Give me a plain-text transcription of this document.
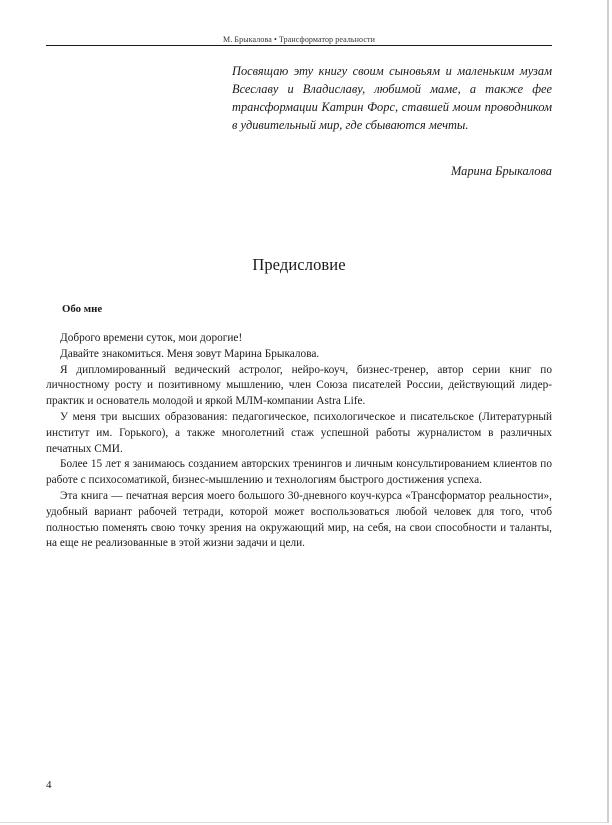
М. Брыкалова • Трансформатор реальности
Посвящаю эту книгу своим сыновьям и маленьким музам Всеславу и Владиславу, любимой маме, а также фее трансформации Катрин Форс, ставшей моим проводником в удивительный мир, где сбываются мечты.
Марина Брыкалова
Предисловие
Обо мне

Доброго времени суток, мои дорогие!

Давайте знакомиться. Меня зовут Марина Брыкалова.

Я дипломированный ведический астролог, нейро-коуч, бизнес-тренер, автор серии книг по личностному росту и позитивному мышлению, член Союза писателей России, действующий лидер-практик и основатель молодой и яркой МЛМ-компании Astra Life.

У меня три высших образования: педагогическое, психологическое и писательское (Литературный институт им. Горького), а также многолетний стаж успешной работы журналистом в различных печатных СМИ.

Более 15 лет я занимаюсь созданием авторских тренингов и личным консультированием клиентов по работе с психосоматикой, бизнес-мышлению и технологиям быстрого достижения успеха.

Эта книга — печатная версия моего большого 30-дневного коуч-курса «Трансформатор реальности», удобный вариант рабочей тетради, которой может воспользоваться любой человек для того, чтоб полностью поменять свою точку зрения на окружающий мир, на себя, на свои способности и таланты, на еще не реализованные в этой жизни задачи и цели.

4
